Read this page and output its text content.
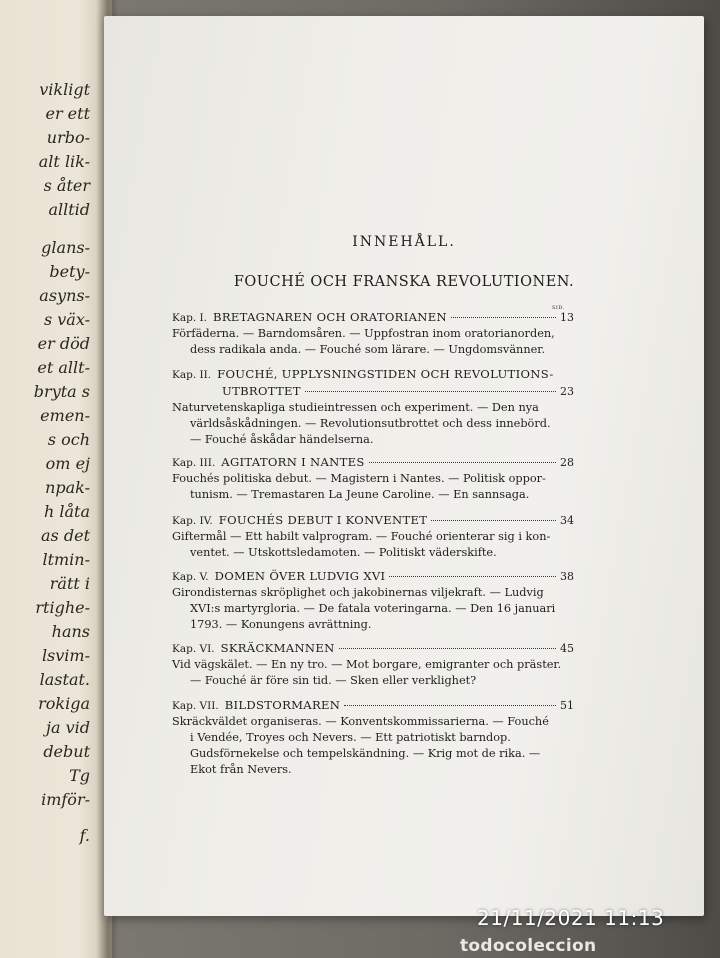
vikligt
er ett
urbo-
alt lik-
s åter
alltid
glans-
bety-
asyns-
s väx-
er död
et allt-
bryta s
emen-
s och
om ej
npak-
h låta
as det
ltmin-
rätt i
rtighe-
hans
lsvim-
lastat.
rokiga
ja vid
debut
Tg
imför-
f.
INNEHÅLL.
FOUCHÉ OCH FRANSKA REVOLUTIONEN.
SID.
Kap. I. BRETAGNAREN OCH ORATORIANEN	13
Förfäderna. — Barndomsåren. — Uppfostran inom oratorianorden,
dess radikala anda. — Fouché som lärare. — Ungdomsvänner.
Kap. II. FOUCHÉ, UPPLYSNINGSTIDEN OCH REVOLUTIONS-
UTBROTTET	23
Naturvetenskapliga studieintressen och experiment. — Den nya
världsåskådningen. — Revolutionsutbrottet och dess innebörd.
— Fouché åskådar händelserna.
Kap. III. AGITATORN I NANTES	28
Fouchés politiska debut. — Magistern i Nantes. — Politisk oppor-
tunism. — Tremastaren La Jeune Caroline. — En sannsaga.
Kap. IV. FOUCHÉS DEBUT I KONVENTET	34
Giftermål — Ett habilt valprogram. — Fouché orienterar sig i kon-
ventet. — Utskottsledamoten. — Politiskt väderskifte.
Kap. V. DOMEN ÖVER LUDVIG XVI	38
Girondisternas skröplighet och jakobinernas viljekraft. — Ludvig
XVI:s martyrgloria. — De fatala voteringarna. — Den 16 januari
1793. — Konungens avrättning.
Kap. VI. SKRÄCKMANNEN	45
Vid vägskälet. — En ny tro. — Mot borgare, emigranter och präster.
— Fouché är före sin tid. — Sken eller verklighet?
Kap. VII. BILDSTORMAREN	51
Skräckväldet organiseras. — Konventskommissarierna. — Fouché
i Vendée, Troyes och Nevers. — Ett patriotiskt barndop.
Gudsförnekelse och tempelskändning. — Krig mot de rika. —
Ekot från Nevers.
21/11/2021 11:13
todocoleccion
